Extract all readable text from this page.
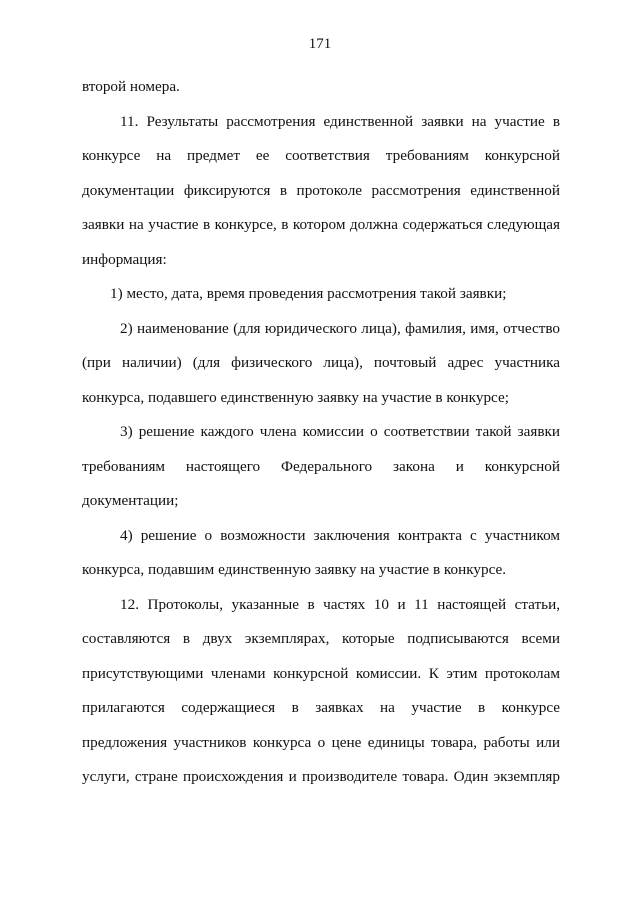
171

второй номера.

11. Результаты рассмотрения единственной заявки на участие в конкурсе на предмет ее соответствия требованиям конкурсной документации фиксируются в протоколе рассмотрения единственной заявки на участие в конкурсе, в котором должна содержаться следующая информация:

1) место, дата, время проведения рассмотрения такой заявки;

2) наименование (для юридического лица), фамилия, имя, отчество (при наличии) (для физического лица), почтовый адрес участника конкурса, подавшего единственную заявку на участие в конкурсе;

3) решение каждого члена комиссии о соответствии такой заявки требованиям настоящего Федерального закона и конкурсной документации;

4) решение о возможности заключения контракта с участником конкурса, подавшим единственную заявку на участие в конкурсе.

12. Протоколы, указанные в частях 10 и 11 настоящей статьи, составляются в двух экземплярах, которые подписываются всеми присутствующими членами конкурсной комиссии. К этим протоколам прилагаются содержащиеся в заявках на участие в конкурсе предложения участников конкурса о цене единицы товара, работы или услуги, стране происхождения и производителе товара. Один экземпляр
